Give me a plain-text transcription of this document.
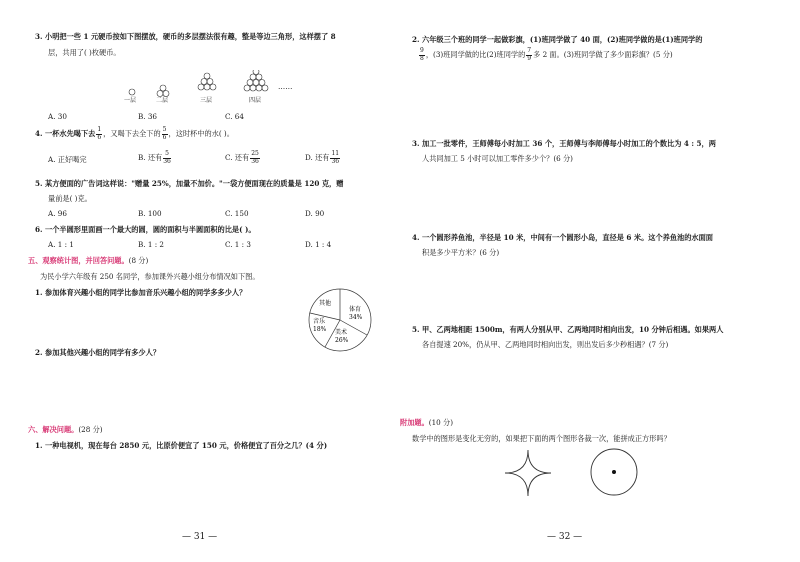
3. 小明把一些 1 元硬币按如下图摆放，硬币的多层摆法很有趣，整是等边三角形，这样摆了 8
层，共用了( )枚硬币。
一层	二层	三层	四层
……
A. 30	B. 36	C. 64
4. 一杯水先喝下去 $\frac{1}{6}$ ，又喝下去全下的 $\frac{5}{6}$ ，这时杯中的水( )。
A. 正好喝完	B. 还有 $\frac{5}{36}$	C. 还有 $\frac{25}{36}$	D. 还有 $\frac{11}{36}$
5. 某方便面的广告词这样说："赠量 25%，加量不加价。"一袋方便面现在的质量是 120 克，赠
量前是( )克。
A. 96	B. 100	C. 150	D. 90
6. 一个半圆形里面画一个最大的圆，圆的面积与半圆面积的比是( )。
A. 1 : 1	B. 1 : 2	C. 1 : 3	D. 1 : 4
五、观察统计图，并回答问题。(8 分)
为民小学六年级有 250 名同学，参加课外兴趣小组分布情况如下图。
1. 参加体育兴趣小组的同学比参加音乐兴趣小组的同学多多少人？
其他
体育
34%
美术
26%
音乐
18%
2. 参加其他兴趣小组的同学有多少人？
六、解决问题。(28 分)
1. 一种电视机，现在每台 2850 元，比原价便宜了 150 元，价格便宜了百分之几？(4 分)
— 31 —
2. 六年级三个班的同学一起做彩旗，(1)班同学做了 40 面，(2)班同学做的是(1)班同学的
$\frac{9}{8}$ ，(3)班同学做的比(2)班同学的 $\frac{7}{9}$ 多 2 面。(3)班同学做了多少面彩旗？(5 分)
3. 加工一批零件，王师傅每小时加工 36 个，王师傅与李师傅每小时加工的个数比为 4 : 5，两
人共同加工 5 小时可以加工零件多少个？(6 分)
4. 一个圆形养鱼池，半径是 10 米，中间有一个圆形小岛，直径是 6 米。这个养鱼池的水面面
积是多少平方米？(6 分)
5. 甲、乙两地相距 1500m，有两人分别从甲、乙两地同时相向出发，10 分钟后相遇。如果两人
各自提速 20%，仍从甲、乙两地同时相向出发，则出发后多少秒相遇？(7 分)
附加题。(10 分)
数学中的图形是变化无穷的，如果把下面的两个图形各裁一次，能拼成正方形吗？
— 32 —
